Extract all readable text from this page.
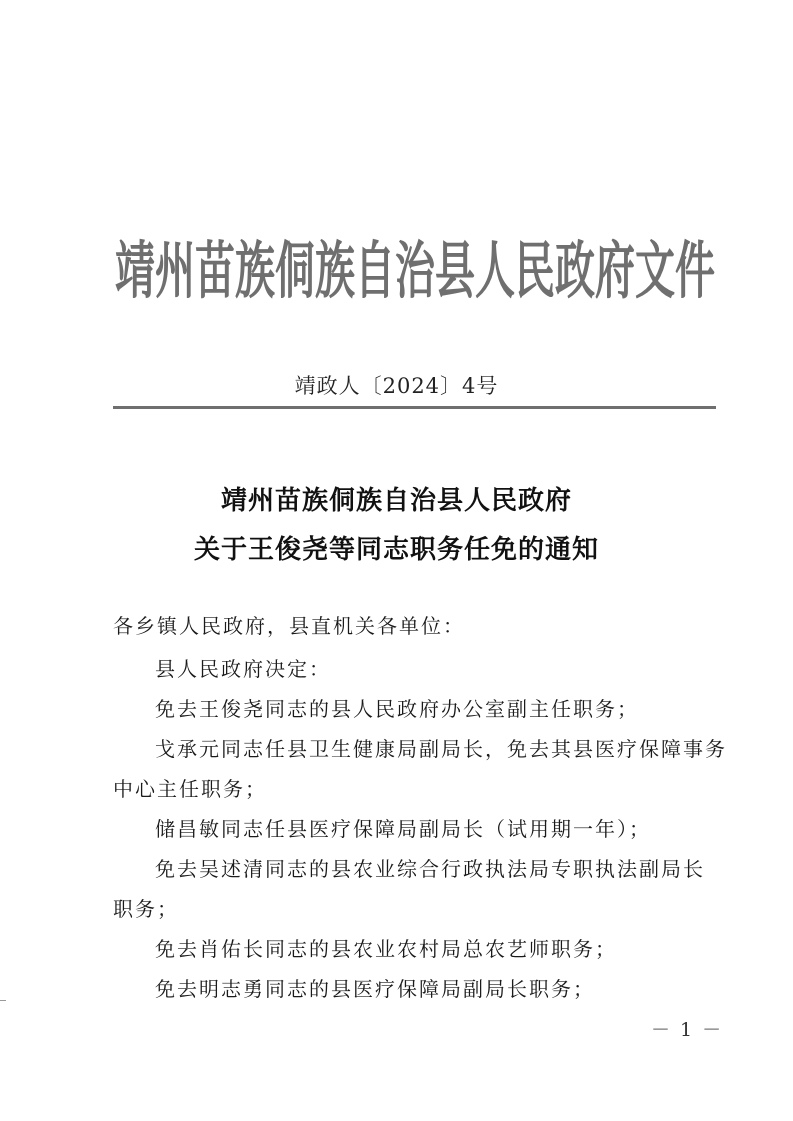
靖州苗族侗族自治县人民政府文件
靖政人〔2024〕4号
靖州苗族侗族自治县人民政府
关于王俊尧等同志职务任免的通知
各乡镇人民政府，县直机关各单位：
县人民政府决定：
免去王俊尧同志的县人民政府办公室副主任职务；
戈承元同志任县卫生健康局副局长，免去其县医疗保障事务
中心主任职务；
储昌敏同志任县医疗保障局副局长（试用期一年）；
免去吴述清同志的县农业综合行政执法局专职执法副局长
职务；
免去肖佑长同志的县农业农村局总农艺师职务；
免去明志勇同志的县医疗保障局副局长职务；
－ 1 －
